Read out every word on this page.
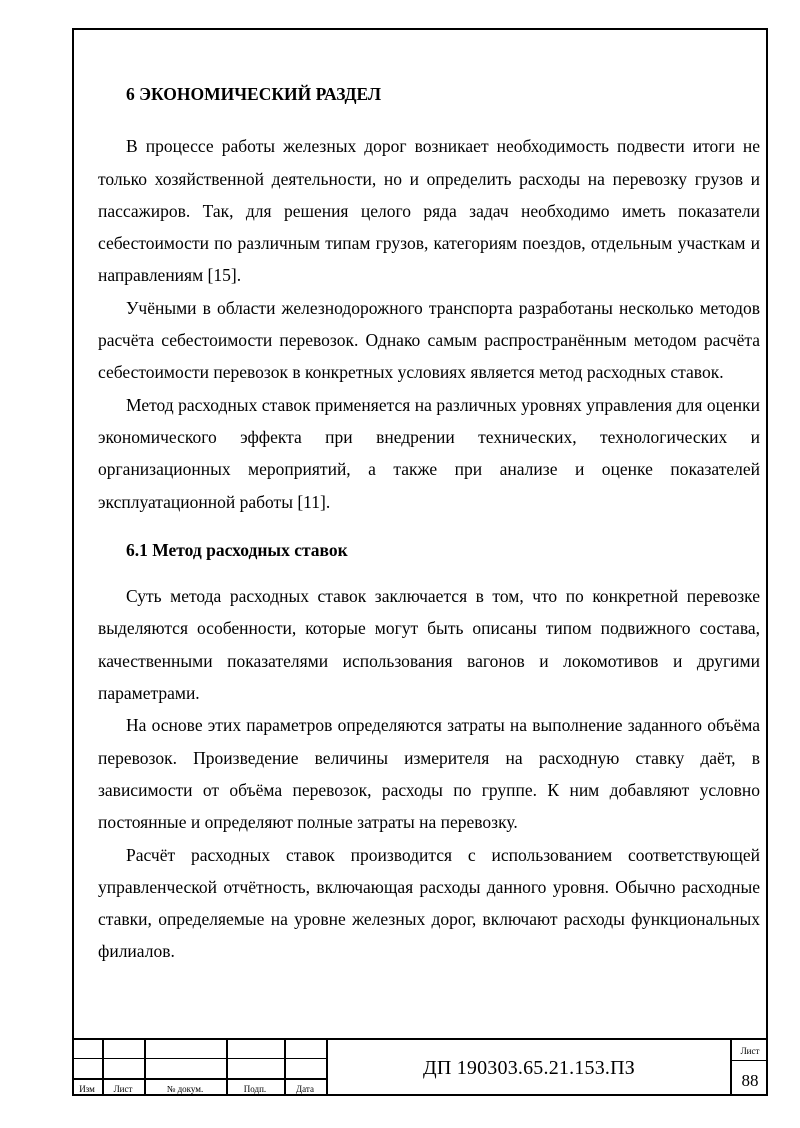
6 ЭКОНОМИЧЕСКИЙ РАЗДЕЛ

В процессе работы железных дорог возникает необходимость подвести итоги не только хозяйственной деятельности, но и определить расходы на перевозку грузов и пассажиров. Так, для решения целого ряда задач необходимо иметь показатели себестоимости по различным типам грузов, категориям поездов, отдельным участкам и направлениям [15].

Учёными в области железнодорожного транспорта разработаны несколько методов расчёта себестоимости перевозок. Однако самым распространённым методом расчёта себестоимости перевозок в конкретных условиях является метод расходных ставок.

Метод расходных ставок применяется на различных уровнях управления для оценки экономического эффекта при внедрении технических, технологических и организационных мероприятий, а также при анализе и оценке показателей эксплуатационной работы [11].

6.1 Метод расходных ставок

Суть метода расходных ставок заключается в том, что по конкретной перевозке выделяются особенности, которые могут быть описаны типом подвижного состава, качественными показателями использования вагонов и локомотивов и другими параметрами.

На основе этих параметров определяются затраты на выполнение заданного объёма перевозок. Произведение величины измерителя на расходную ставку даёт, в зависимости от объёма перевозок, расходы по группе. К ним добавляют условно постоянные и определяют полные затраты на перевозку.

Расчёт расходных ставок производится с использованием соответствующей управленческой отчётность, включающая расходы данного уровня. Обычно расходные ставки, определяемые на уровне железных дорог, включают расходы функциональных филиалов.

Изм	Лист	№ докум.	Подп.	Дата
ДП 190303.65.21.153.ПЗ
Лист
88
